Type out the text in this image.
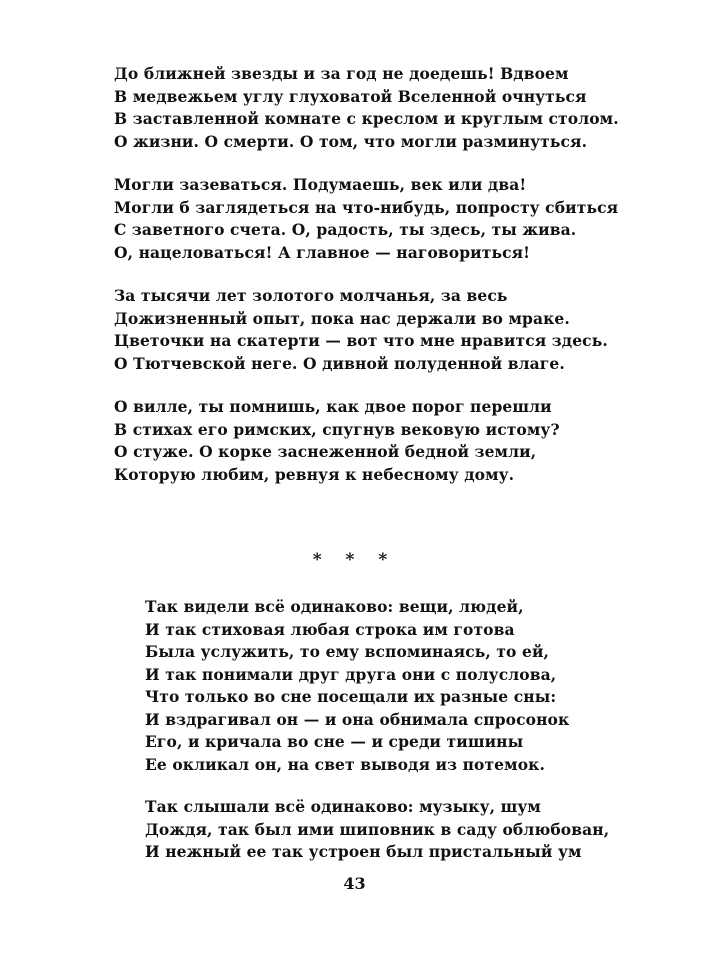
До ближней звезды и за год не доедешь! Вдвоем
В медвежьем углу глуховатой Вселенной очнуться
В заставленной комнате с креслом и круглым столом.
О жизни. О смерти. О том, что могли разминуться.
Могли зазеваться. Подумаешь, век или два!
Могли б заглядеться на что-нибудь, попросту сбиться
С заветного счета. О, радость, ты здесь, ты жива.
О, нацеловаться! А главное — наговориться!
За тысячи лет золотого молчанья, за весь
Дожизненный опыт, пока нас держали во мраке.
Цветочки на скатерти — вот что мне нравится здесь.
О Тютчевской неге. О дивной полуденной влаге.
О вилле, ты помнишь, как двое порог перешли
В стихах его римских, спугнув вековую истому?
О стуже. О корке заснеженной бедной земли,
Которую любим, ревнуя к небесному дому.
* * *
Так видели всё одинаково: вещи, людей,
И так стиховая любая строка им готова
Была услужить, то ему вспоминаясь, то ей,
И так понимали друг друга они с полуслова,
Что только во сне посещали их разные сны:
И вздрагивал он — и она обнимала спросонок
Его, и кричала во сне — и среди тишины
Ее окликал он, на свет выводя из потемок.
Так слышали всё одинаково: музыку, шум
Дождя, так был ими шиповник в саду облюбован,
И нежный ее так устроен был пристальный ум
43
